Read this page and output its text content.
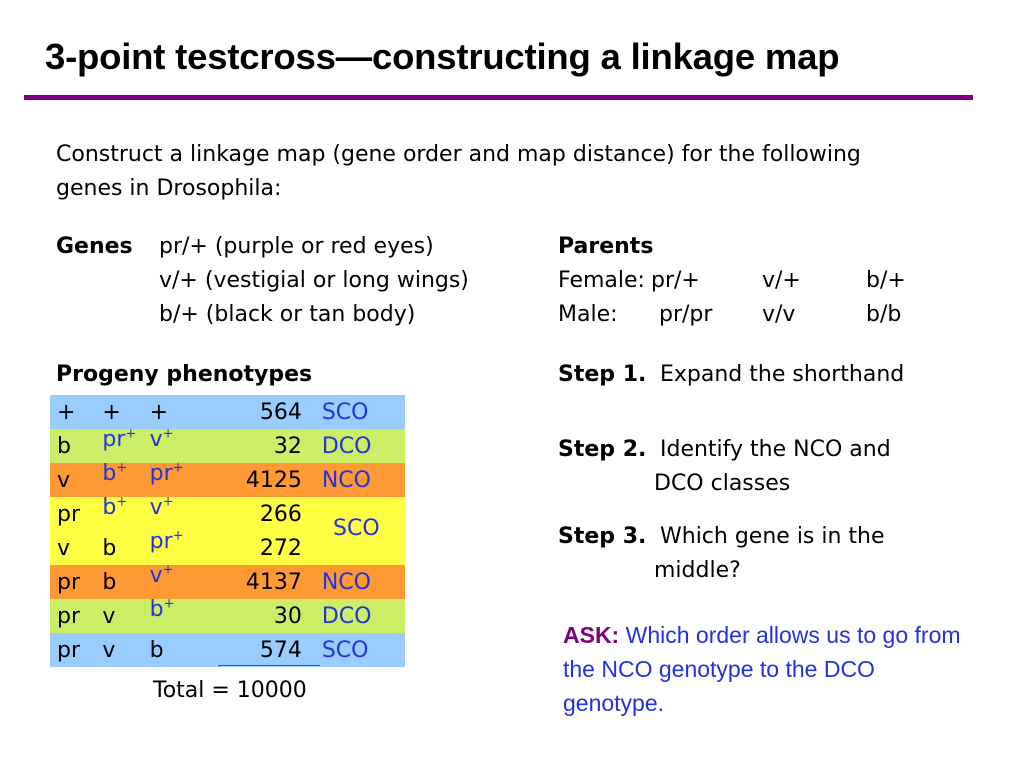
3-point testcross—constructing a linkage map
Construct a linkage map (gene order and map distance) for the following genes in Drosophila:
Genes pr/+ (purple or red eyes)
v/+ (vestigial or long wings)
b/+ (black or tan body)
Parents
Female: pr/+	v/+	b/+
Male: pr/pr v/v	b/b
Progeny phenotypes
+	+	+	564	SCO
b	pr+	v+	32	DCO
v	b+	pr+	4125	NCO
pr	b+	v+	266	
v	b	pr+	272	
pr	b	v+	4137	NCO
pr	v	b+	30	DCO
pr	v	b	574	SCO
SCO
Total = 10000
Step 1. Expand the shorthand
Step 2. Identify the NCO and
DCO classes
Step 3. Which gene is in the
middle?
ASK: Which order allows us to go from the NCO genotype to the DCO genotype.
